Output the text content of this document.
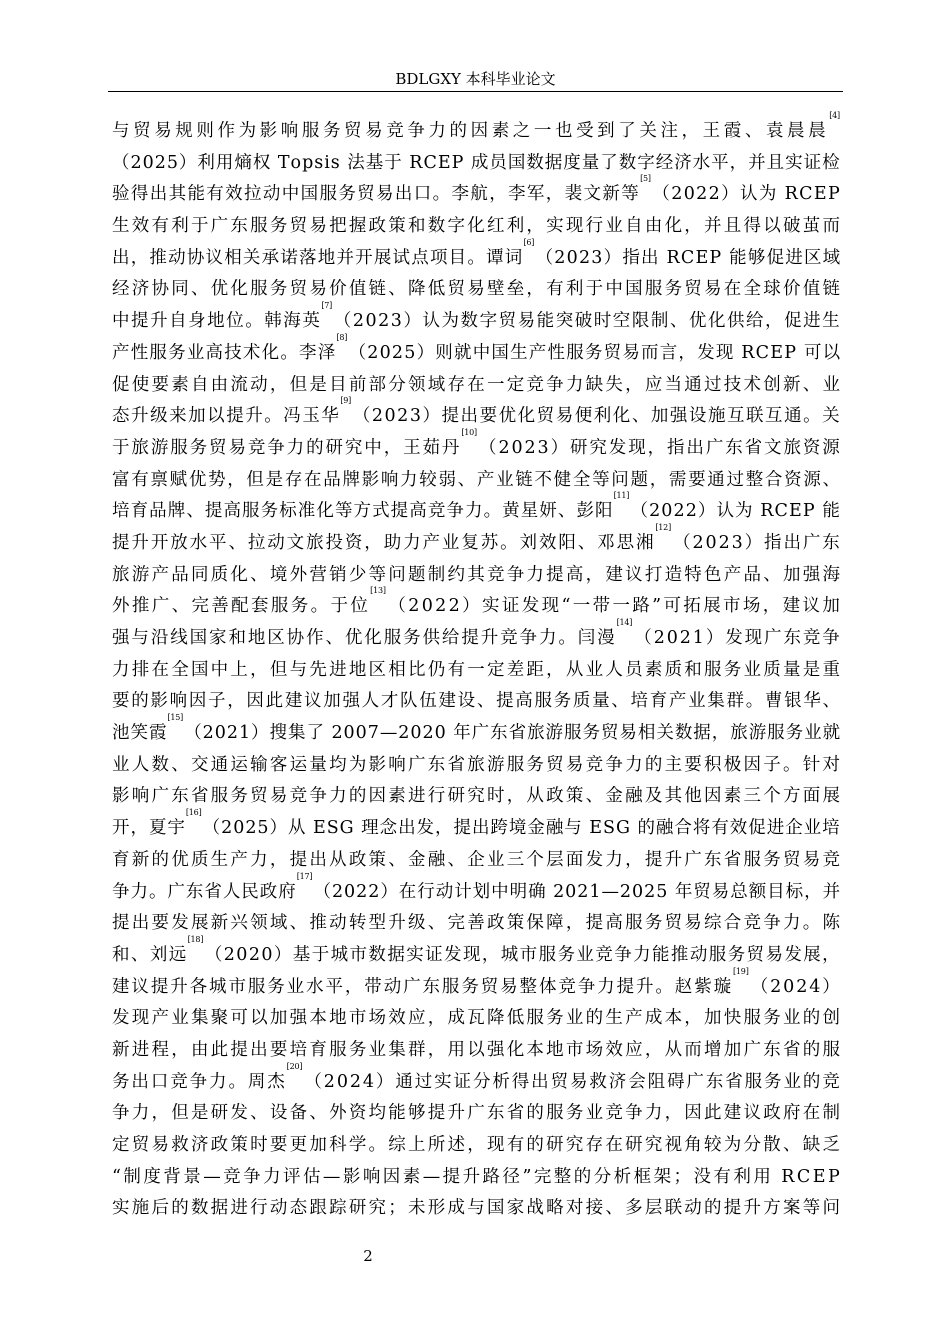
BDLGXY 本科毕业论文
与 贸 易 规 则 作 为 影 响 服 务 贸 易 竞 争 力 的 因 素 之 一 也 受 到 了 关 注 ， 王 霞 、 袁 晨 晨
[4]
（ 2 0 2 5 ） 利 用 熵 权
T o p s i s
法 基 于
R C E P
成 员 国 数 据 度 量 了 数 字 经 济 水 平 ， 并 且 实 证 检
验 得 出 其 能 有 效 拉 动 中 国 服 务 贸 易 出 口 。 李 航 ， 李 军 ， 裴 文 新 等
[5]
（ 2 0 2 2 ） 认 为
R C E P
生 效 有 利 于 广 东 服 务 贸 易 把 握 政 策 和 数 字 化 红 利 ， 实 现 行 业 自 由 化 ， 并 且 得 以 破 茧 而
出 ， 推 动 协 议 相 关 承 诺 落 地 并 开 展 试 点 项 目 。 谭 词
[6]
（ 2 0 2 3 ） 指 出
R C E P
能 够 促 进 区 域
经 济 协 同 、 优 化 服 务 贸 易 价 值 链 、 降 低 贸 易 壁 垒 ， 有 利 于 中 国 服 务 贸 易 在 全 球 价 值 链
中 提 升 自 身 地 位 。 韩 海 英
[7]
（ 2 0 2 3 ） 认 为 数 字 贸 易 能 突 破 时 空 限 制 、 优 化 供 给 ， 促 进 生
产 性 服 务 业 高 技 术 化 。 李 泽
[8]
（ 2 0 2 5 ） 则 就 中 国 生 产 性 服 务 贸 易 而 言 ， 发 现
R C E P
可 以
促 使 要 素 自 由 流 动 ， 但 是 目 前 部 分 领 域 存 在 一 定 竞 争 力 缺 失 ， 应 当 通 过 技 术 创 新 、 业
态 升 级 来 加 以 提 升 。 冯 玉 华
[9]
（ 2 0 2 3 ） 提 出 要 优 化 贸 易 便 利 化 、 加 强 设 施 互 联 互 通 。 关
于 旅 游 服 务 贸 易 竞 争 力 的 研 究 中 ， 王 茹 丹
[10]
（ 2 0 2 3 ） 研 究 发 现 ， 指 出 广 东 省 文 旅 资 源
富 有 禀 赋 优 势 ， 但 是 存 在 品 牌 影 响 力 较 弱 、 产 业 链 不 健 全 等 问 题 ， 需 要 通 过 整 合 资 源 、
培 育 品 牌 、 提 高 服 务 标 准 化 等 方 式 提 高 竞 争 力 。 黄 星 妍 、 彭 阳
[11]
（ 2 0 2 2 ） 认 为
R C E P
能
提 升 开 放 水 平 、 拉 动 文 旅 投 资 ， 助 力 产 业 复 苏 。 刘 效 阳 、 邓 思 湘
[12]
（ 2 0 2 3 ） 指 出 广 东
旅 游 产 品 同 质 化 、 境 外 营 销 少 等 问 题 制 约 其 竞 争 力 提 高 ， 建 议 打 造 特 色 产 品 、 加 强 海
外 推 广 、 完 善 配 套 服 务 。 于 位
[13]
（ 2 0 2 2 ） 实 证 发 现 “ 一 带 一 路 ” 可 拓 展 市 场 ， 建 议 加
强 与 沿 线 国 家 和 地 区 协 作 、 优 化 服 务 供 给 提 升 竞 争 力 。 闫 漫
[14]
（ 2 0 2 1 ） 发 现 广 东 竞 争
力 排 在 全 国 中 上 ， 但 与 先 进 地 区 相 比 仍 有 一 定 差 距 ， 从 业 人 员 素 质 和 服 务 业 质 量 是 重
要 的 影 响 因 子 ， 因 此 建 议 加 强 人 才 队 伍 建 设 、 提 高 服 务 质 量 、 培 育 产 业 集 群 。 曹 银 华 、
池 笑 霞
[15]
（ 2 0 2 1 ） 搜 集 了
2 0 0 7 — 2 0 2 0
年 广 东 省 旅 游 服 务 贸 易 相 关 数 据 ， 旅 游 服 务 业 就
业 人 数 、 交 通 运 输 客 运 量 均 为 影 响 广 东 省 旅 游 服 务 贸 易 竞 争 力 的 主 要 积 极 因 子 。 针 对
影 响 广 东 省 服 务 贸 易 竞 争 力 的 因 素 进 行 研 究 时 ， 从 政 策 、 金 融 及 其 他 因 素 三 个 方 面 展
开 ， 夏 宇
[16]
（ 2 0 2 5 ） 从
E S G
理 念 出 发 ， 提 出 跨 境 金 融 与
E S G
的 融 合 将 有 效 促 进 企 业 培
育 新 的 优 质 生 产 力 ， 提 出 从 政 策 、 金 融 、 企 业 三 个 层 面 发 力 ， 提 升 广 东 省 服 务 贸 易 竞
争 力 。 广 东 省 人 民 政 府
[17]
（ 2 0 2 2 ） 在 行 动 计 划 中 明 确
2 0 2 1 — 2 0 2 5
年 贸 易 总 额 目 标 ， 并
提 出 要 发 展 新 兴 领 域 、 推 动 转 型 升 级 、 完 善 政 策 保 障 ， 提 高 服 务 贸 易 综 合 竞 争 力 。 陈
和 、 刘 远
[18]
（ 2 0 2 0 ） 基 于 城 市 数 据 实 证 发 现 ， 城 市 服 务 业 竞 争 力 能 推 动 服 务 贸 易 发 展 ，
建 议 提 升 各 城 市 服 务 业 水 平 ， 带 动 广 东 服 务 贸 易 整 体 竞 争 力 提 升 。 赵 紫 璇
[19]
（ 2 0 2 4 ）
发 现 产 业 集 聚 可 以 加 强 本 地 市 场 效 应 ， 成 瓦 降 低 服 务 业 的 生 产 成 本 ， 加 快 服 务 业 的 创
新 进 程 ， 由 此 提 出 要 培 育 服 务 业 集 群 ， 用 以 强 化 本 地 市 场 效 应 ， 从 而 增 加 广 东 省 的 服
务 出 口 竞 争 力 。 周 杰
[20]
（ 2 0 2 4 ） 通 过 实 证 分 析 得 出 贸 易 救 济 会 阻 碍 广 东 省 服 务 业 的 竞
争 力 ， 但 是 研 发 、 设 备 、 外 资 均 能 够 提 升 广 东 省 的 服 务 业 竞 争 力 ， 因 此 建 议 政 府 在 制
定 贸 易 救 济 政 策 时 要 更 加 科 学 。 综 上 所 述 ， 现 有 的 研 究 存 在 研 究 视 角 较 为 分 散 、 缺 乏
“ 制 度 背 景 — 竞 争 力 评 估 — 影 响 因 素 — 提 升 路 径 ” 完 整 的 分 析 框 架 ； 没 有 利 用
R C E P
实 施 后 的 数 据 进 行 动 态 跟 踪 研 究 ； 未 形 成 与 国 家 战 略 对 接 、 多 层 联 动 的 提 升 方 案 等 问
2
